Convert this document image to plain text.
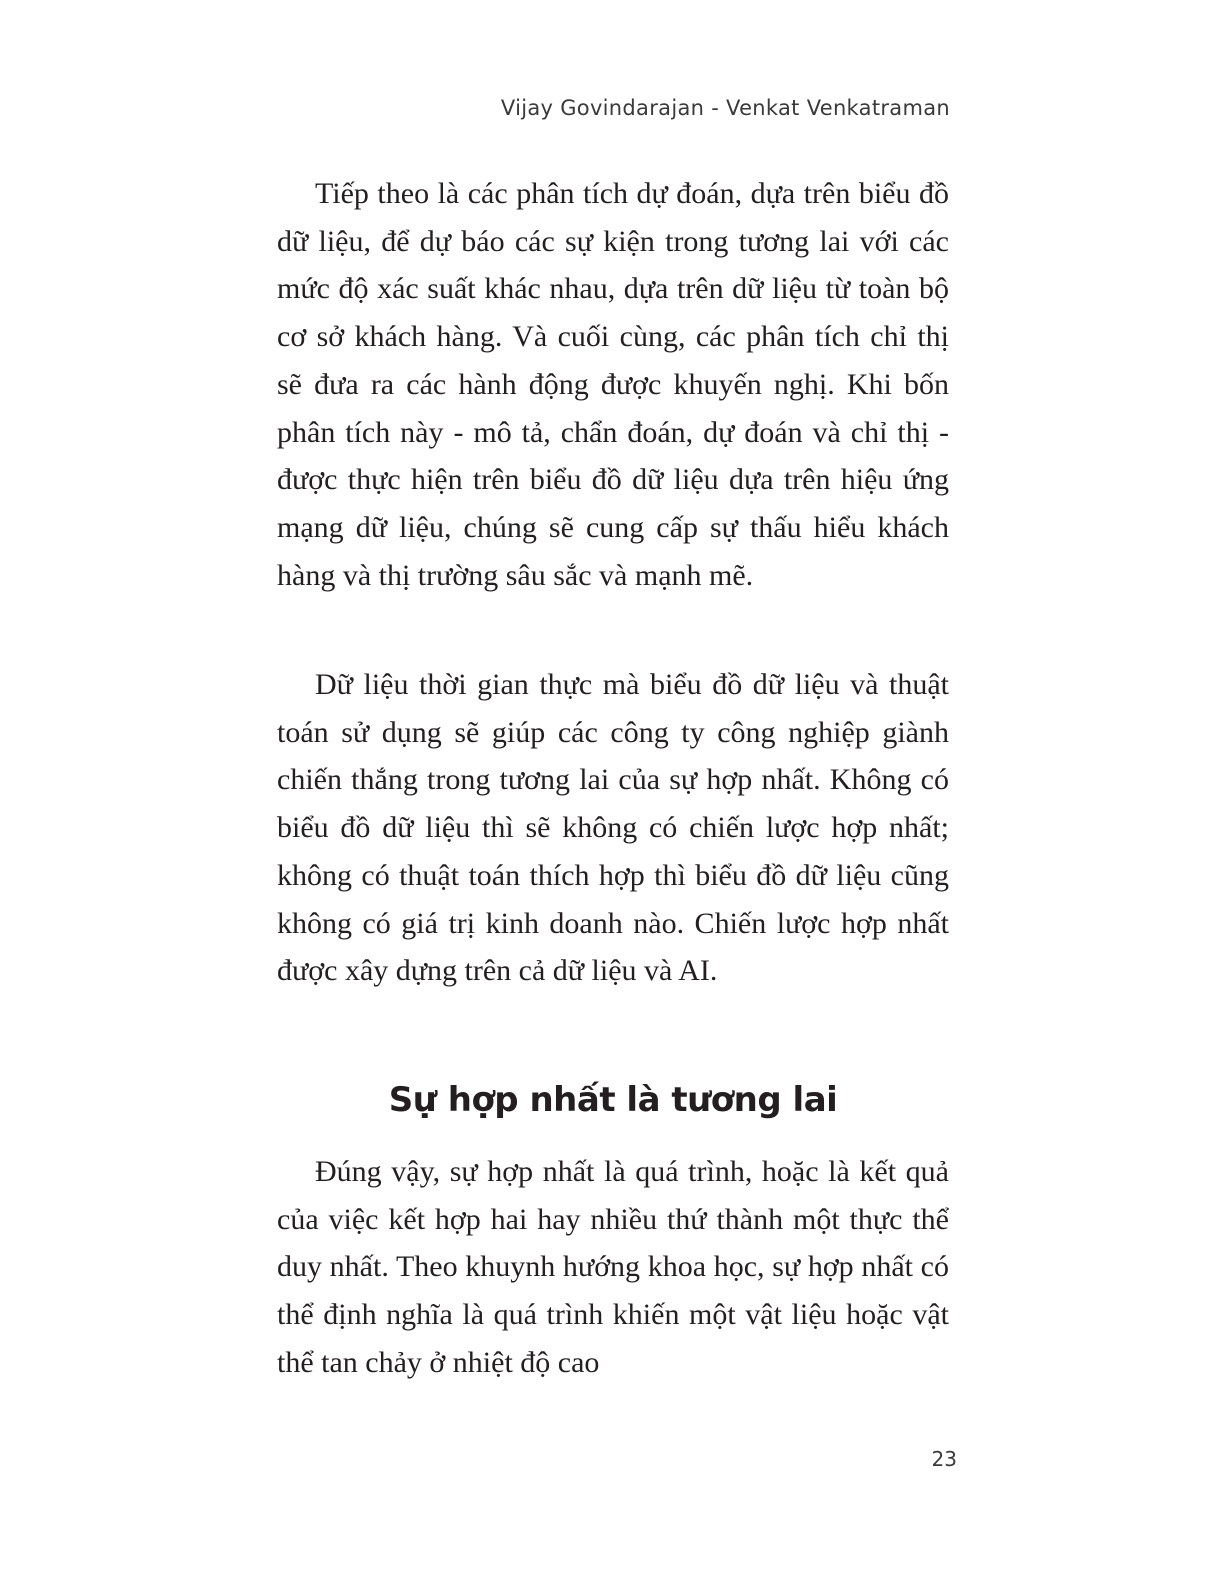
Vijay Govindarajan - Venkat Venkatraman

Tiếp theo là các phân tích dự đoán, dựa trên biểu đồ dữ liệu, để dự báo các sự kiện trong tương lai với các mức độ xác suất khác nhau, dựa trên dữ liệu từ toàn bộ cơ sở khách hàng. Và cuối cùng, các phân tích chỉ thị sẽ đưa ra các hành động được khuyến nghị. Khi bốn phân tích này - mô tả, chẩn đoán, dự đoán và chỉ thị - được thực hiện trên biểu đồ dữ liệu dựa trên hiệu ứng mạng dữ liệu, chúng sẽ cung cấp sự thấu hiểu khách hàng và thị trường sâu sắc và mạnh mẽ.

Dữ liệu thời gian thực mà biểu đồ dữ liệu và thuật toán sử dụng sẽ giúp các công ty công nghiệp giành chiến thắng trong tương lai của sự hợp nhất. Không có biểu đồ dữ liệu thì sẽ không có chiến lược hợp nhất; không có thuật toán thích hợp thì biểu đồ dữ liệu cũng không có giá trị kinh doanh nào. Chiến lược hợp nhất được xây dựng trên cả dữ liệu và AI.

Sự hợp nhất là tương lai

Đúng vậy, sự hợp nhất là quá trình, hoặc là kết quả của việc kết hợp hai hay nhiều thứ thành một thực thể duy nhất. Theo khuynh hướng khoa học, sự hợp nhất có thể định nghĩa là quá trình khiến một vật liệu hoặc vật thể tan chảy ở nhiệt độ cao

23
